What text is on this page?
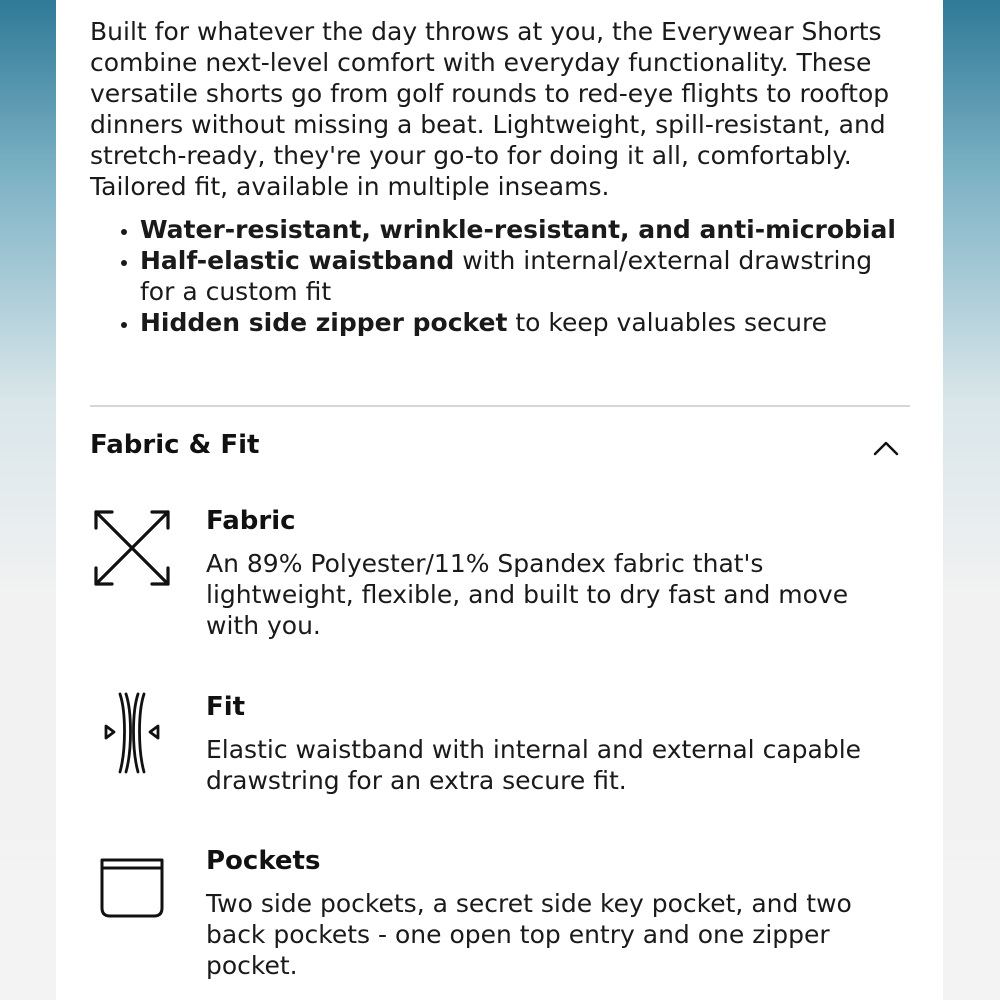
Built for whatever the day throws at you, the Everywear Shorts combine next-level comfort with everyday functionality. These versatile shorts go from golf rounds to red-eye flights to rooftop dinners without missing a beat. Lightweight, spill-resistant, and stretch-ready, they're your go-to for doing it all, comfortably. Tailored fit, available in multiple inseams.

• Water-resistant, wrinkle-resistant, and anti-microbial
• Half-elastic waistband with internal/external drawstring for a custom fit
• Hidden side zipper pocket to keep valuables secure
Fabric & Fit
Fabric
An 89% Polyester/11% Spandex fabric that's lightweight, flexible, and built to dry fast and move with you.
Fit
Elastic waistband with internal and external capable drawstring for an extra secure fit.
Pockets
Two side pockets, a secret side key pocket, and two back pockets - one open top entry and one zipper pocket.
